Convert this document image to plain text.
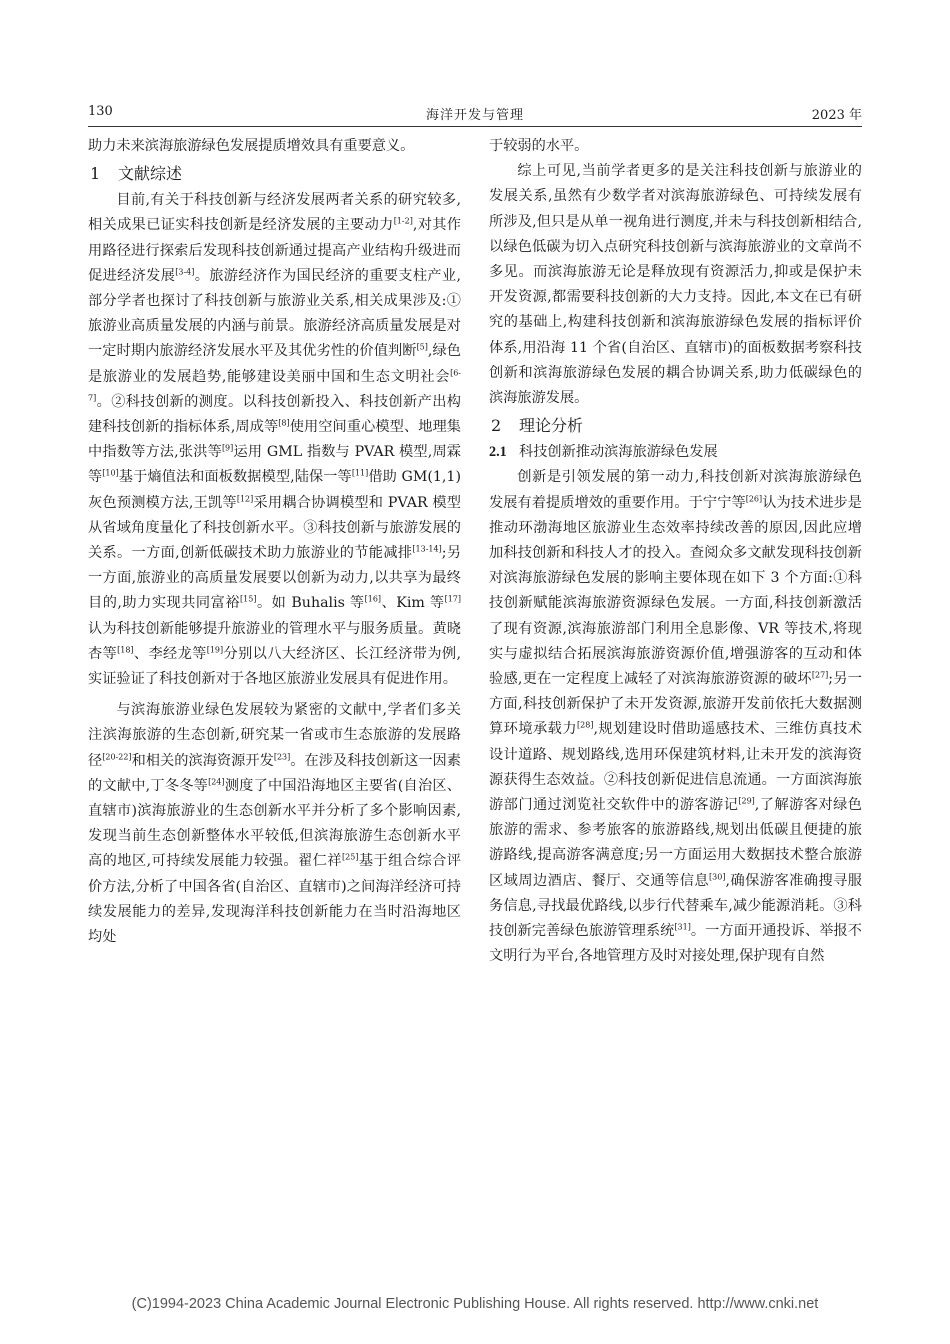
130	海洋开发与管理	2023 年

助力未来滨海旅游绿色发展提质增效具有重要意义。

1 文献综述

目前,有关于科技创新与经济发展两者关系的研究较多,相关成果已证实科技创新是经济发展的主要动力[1-2],对其作用路径进行探索后发现科技创新通过提高产业结构升级进而促进经济发展[3-4]。旅游经济作为国民经济的重要支柱产业,部分学者也探讨了科技创新与旅游业关系,相关成果涉及:①旅游业高质量发展的内涵与前景。旅游经济高质量发展是对一定时期内旅游经济发展水平及其优劣性的价值判断[5],绿色是旅游业的发展趋势,能够建设美丽中国和生态文明社会[6-7]。②科技创新的测度。以科技创新投入、科技创新产出构建科技创新的指标体系,周成等[8]使用空间重心模型、地理集中指数等方法,张洪等[9]运用 GML 指数与 PVAR 模型,周霖等[10]基于熵值法和面板数据模型,陆保一等[11]借助 GM(1,1)灰色预测模方法,王凯等[12]采用耦合协调模型和 PVAR 模型从省域角度量化了科技创新水平。③科技创新与旅游发展的关系。一方面,创新低碳技术助力旅游业的节能减排[13-14];另一方面,旅游业的高质量发展要以创新为动力,以共享为最终目的,助力实现共同富裕[15]。如 Buhalis 等[16]、Kim 等[17]认为科技创新能够提升旅游业的管理水平与服务质量。黄晓杏等[18]、李经龙等[19]分别以八大经济区、长江经济带为例,实证验证了科技创新对于各地区旅游业发展具有促进作用。

与滨海旅游业绿色发展较为紧密的文献中,学者们多关注滨海旅游的生态创新,研究某一省或市生态旅游的发展路径[20-22]和相关的滨海资源开发[23]。在涉及科技创新这一因素的文献中,丁冬冬等[24]测度了中国沿海地区主要省(自治区、直辖市)滨海旅游业的生态创新水平并分析了多个影响因素,发现当前生态创新整体水平较低,但滨海旅游生态创新水平高的地区,可持续发展能力较强。翟仁祥[25]基于组合综合评价方法,分析了中国各省(自治区、直辖市)之间海洋经济可持续发展能力的差异,发现海洋科技创新能力在当时沿海地区均处

于较弱的水平。

综上可见,当前学者更多的是关注科技创新与旅游业的发展关系,虽然有少数学者对滨海旅游绿色、可持续发展有所涉及,但只是从单一视角进行测度,并未与科技创新相结合,以绿色低碳为切入点研究科技创新与滨海旅游业的文章尚不多见。而滨海旅游无论是释放现有资源活力,抑或是保护未开发资源,都需要科技创新的大力支持。因此,本文在已有研究的基础上,构建科技创新和滨海旅游绿色发展的指标评价体系,用沿海 11 个省(自治区、直辖市)的面板数据考察科技创新和滨海旅游绿色发展的耦合协调关系,助力低碳绿色的滨海旅游发展。

2 理论分析
2.1 科技创新推动滨海旅游绿色发展

创新是引领发展的第一动力,科技创新对滨海旅游绿色发展有着提质增效的重要作用。于宁宁等[26]认为技术进步是推动环渤海地区旅游业生态效率持续改善的原因,因此应增加科技创新和科技人才的投入。查阅众多文献发现科技创新对滨海旅游绿色发展的影响主要体现在如下 3 个方面:①科技创新赋能滨海旅游资源绿色发展。一方面,科技创新激活了现有资源,滨海旅游部门利用全息影像、VR 等技术,将现实与虚拟结合拓展滨海旅游资源价值,增强游客的互动和体验感,更在一定程度上减轻了对滨海旅游资源的破坏[27];另一方面,科技创新保护了未开发资源,旅游开发前依托大数据测算环境承载力[28],规划建设时借助遥感技术、三维仿真技术设计道路、规划路线,选用环保建筑材料,让未开发的滨海资源获得生态效益。②科技创新促进信息流通。一方面滨海旅游部门通过浏览社交软件中的游客游记[29],了解游客对绿色旅游的需求、参考旅客的旅游路线,规划出低碳且便捷的旅游路线,提高游客满意度;另一方面运用大数据技术整合旅游区域周边酒店、餐厅、交通等信息[30],确保游客准确搜寻服务信息,寻找最优路线,以步行代替乘车,减少能源消耗。③科技创新完善绿色旅游管理系统[31]。一方面开通投诉、举报不文明行为平台,各地管理方及时对接处理,保护现有自然

(C)1994-2023 China Academic Journal Electronic Publishing House. All rights reserved. http://www.cnki.net
